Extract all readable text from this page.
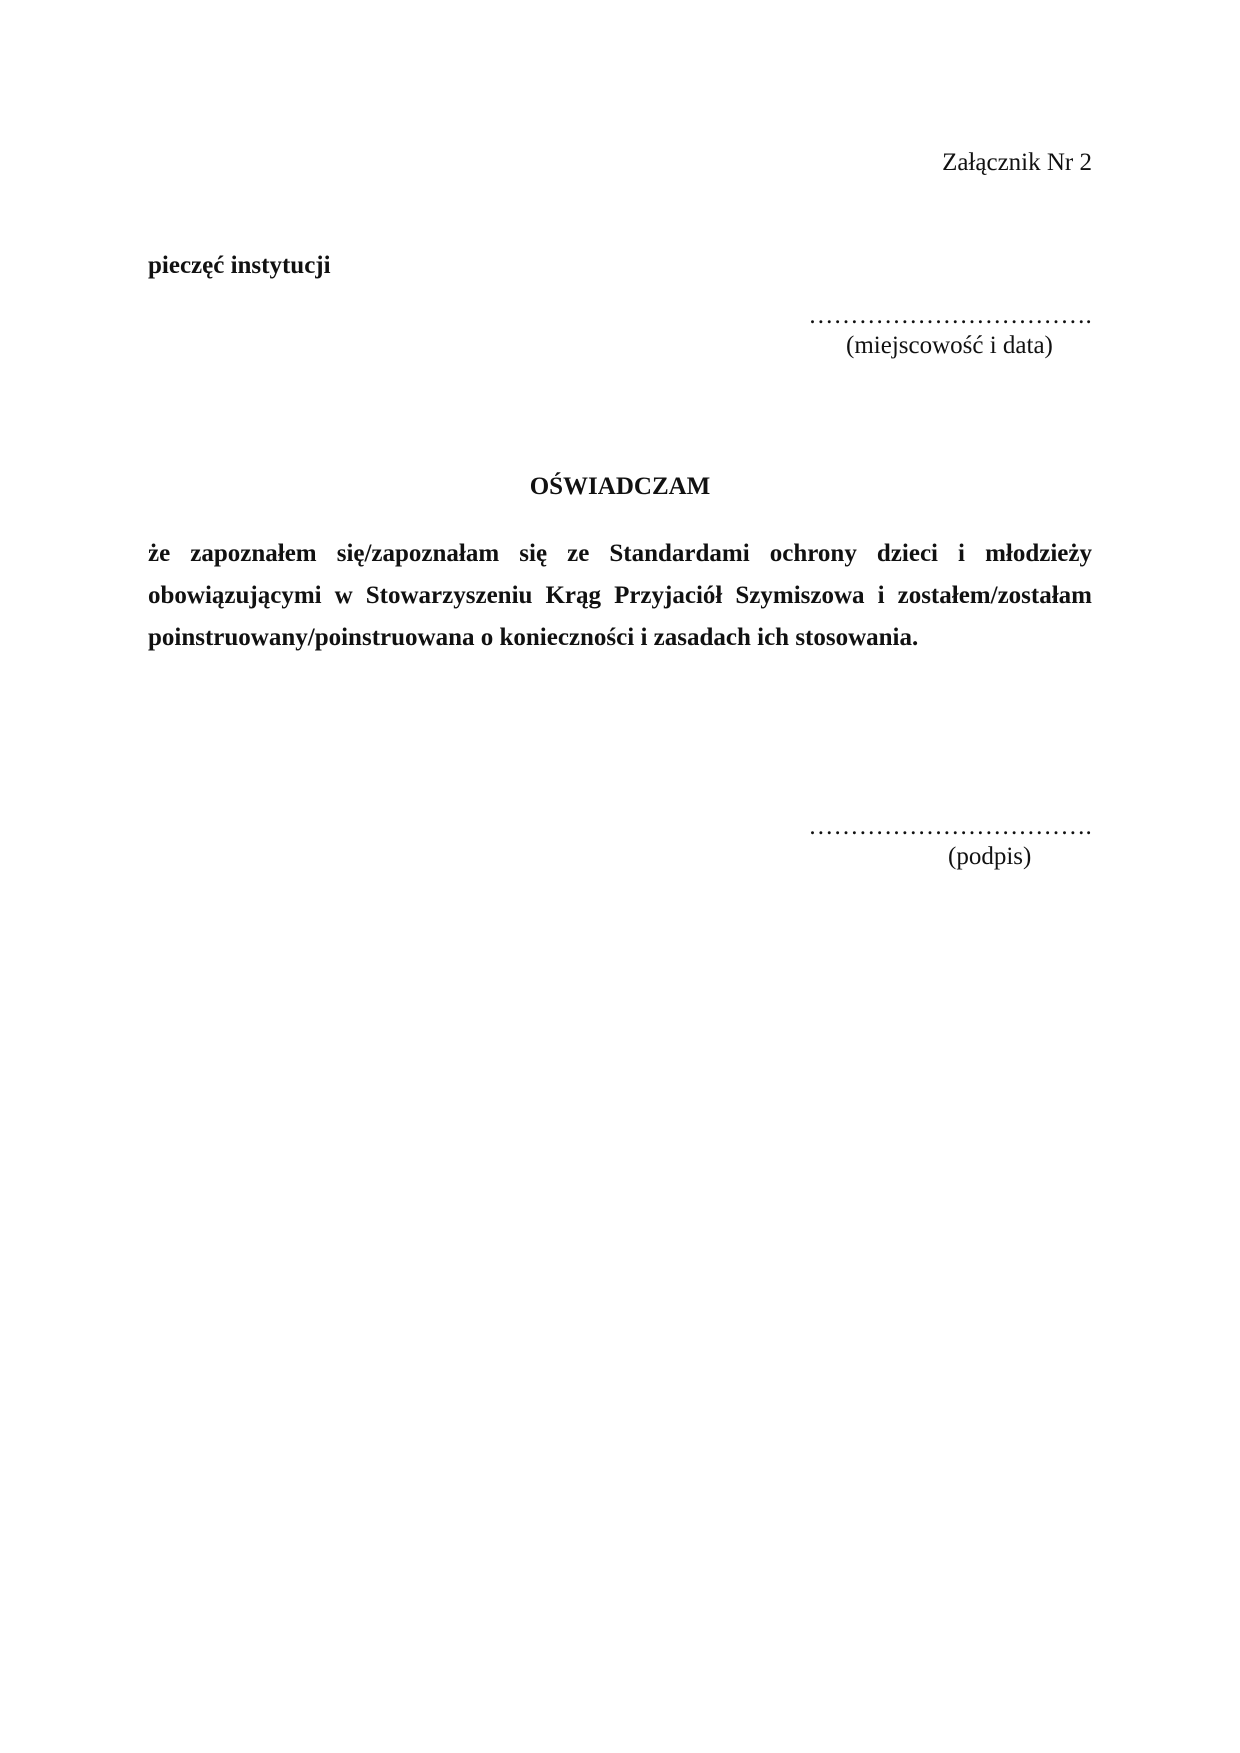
Załącznik Nr 2
pieczęć instytucji
…………………………….
(miejscowość i data)
OŚWIADCZAM
że zapoznałem się/zapoznałam się ze Standardami ochrony dzieci i młodzieży obowiązującymi w Stowarzyszeniu Krąg Przyjaciół Szymiszowa i zostałem/zostałam poinstruowany/poinstruowana o konieczności i zasadach ich stosowania.
…………………………….
(podpis)
